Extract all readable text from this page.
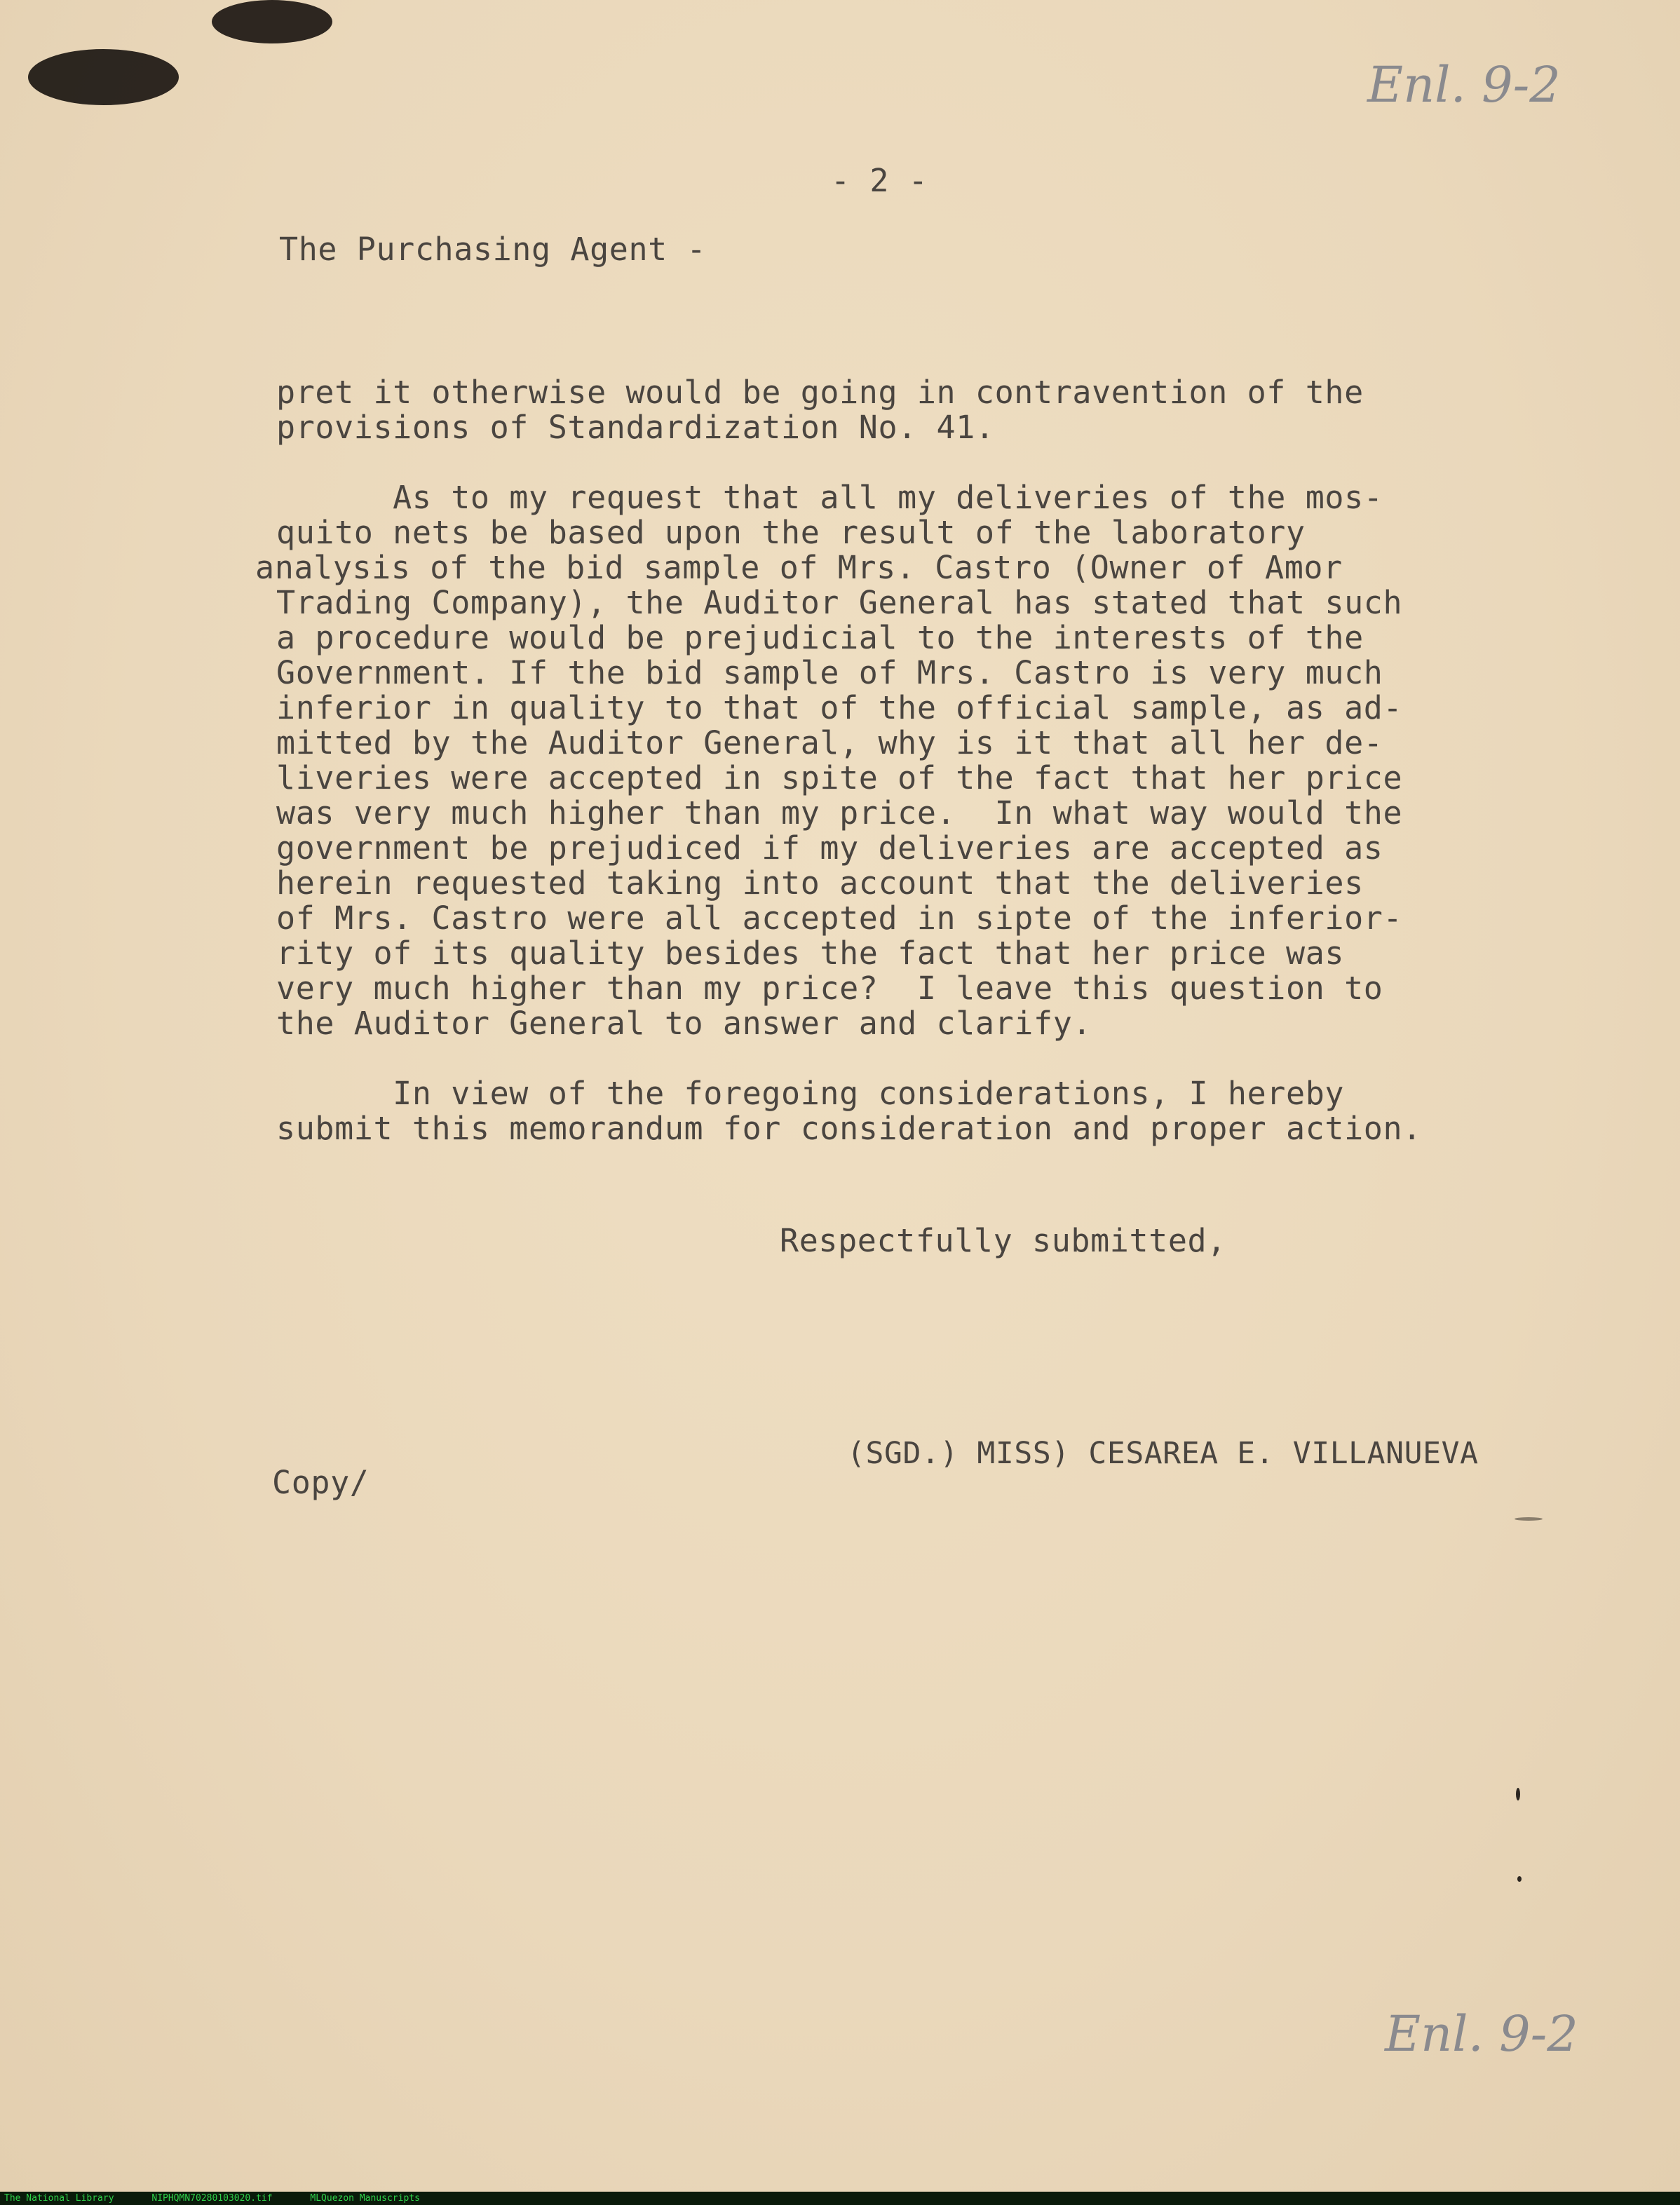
Enl. 9-2
- 2 -
The Purchasing Agent -
pret it otherwise would be going in contravention of the
provisions of Standardization No. 41.
As to my request that all my deliveries of the mos-
quito nets be based upon the result of the laboratory
analysis of the bid sample of Mrs. Castro (Owner of Amor
Trading Company), the Auditor General has stated that such
a procedure would be prejudicial to the interests of the
Government. If the bid sample of Mrs. Castro is very much
inferior in quality to that of the official sample, as ad-
mitted by the Auditor General, why is it that all her de-
liveries were accepted in spite of the fact that her price
was very much higher than my price.  In what way would the
government be prejudiced if my deliveries are accepted as
herein requested taking into account that the deliveries
of Mrs. Castro were all accepted in sipte of the inferior-
rity of its quality besides the fact that her price was
very much higher than my price?  I leave this question to
the Auditor General to answer and clarify.
In view of the foregoing considerations, I hereby
submit this memorandum for consideration and proper action.
Respectfully submitted,
(SGD.) MISS) CESAREA E. VILLANUEVA
Copy/
Enl. 9-2
The National Library	NIPHQMN70280103020.tif	MLQuezon Manuscripts
